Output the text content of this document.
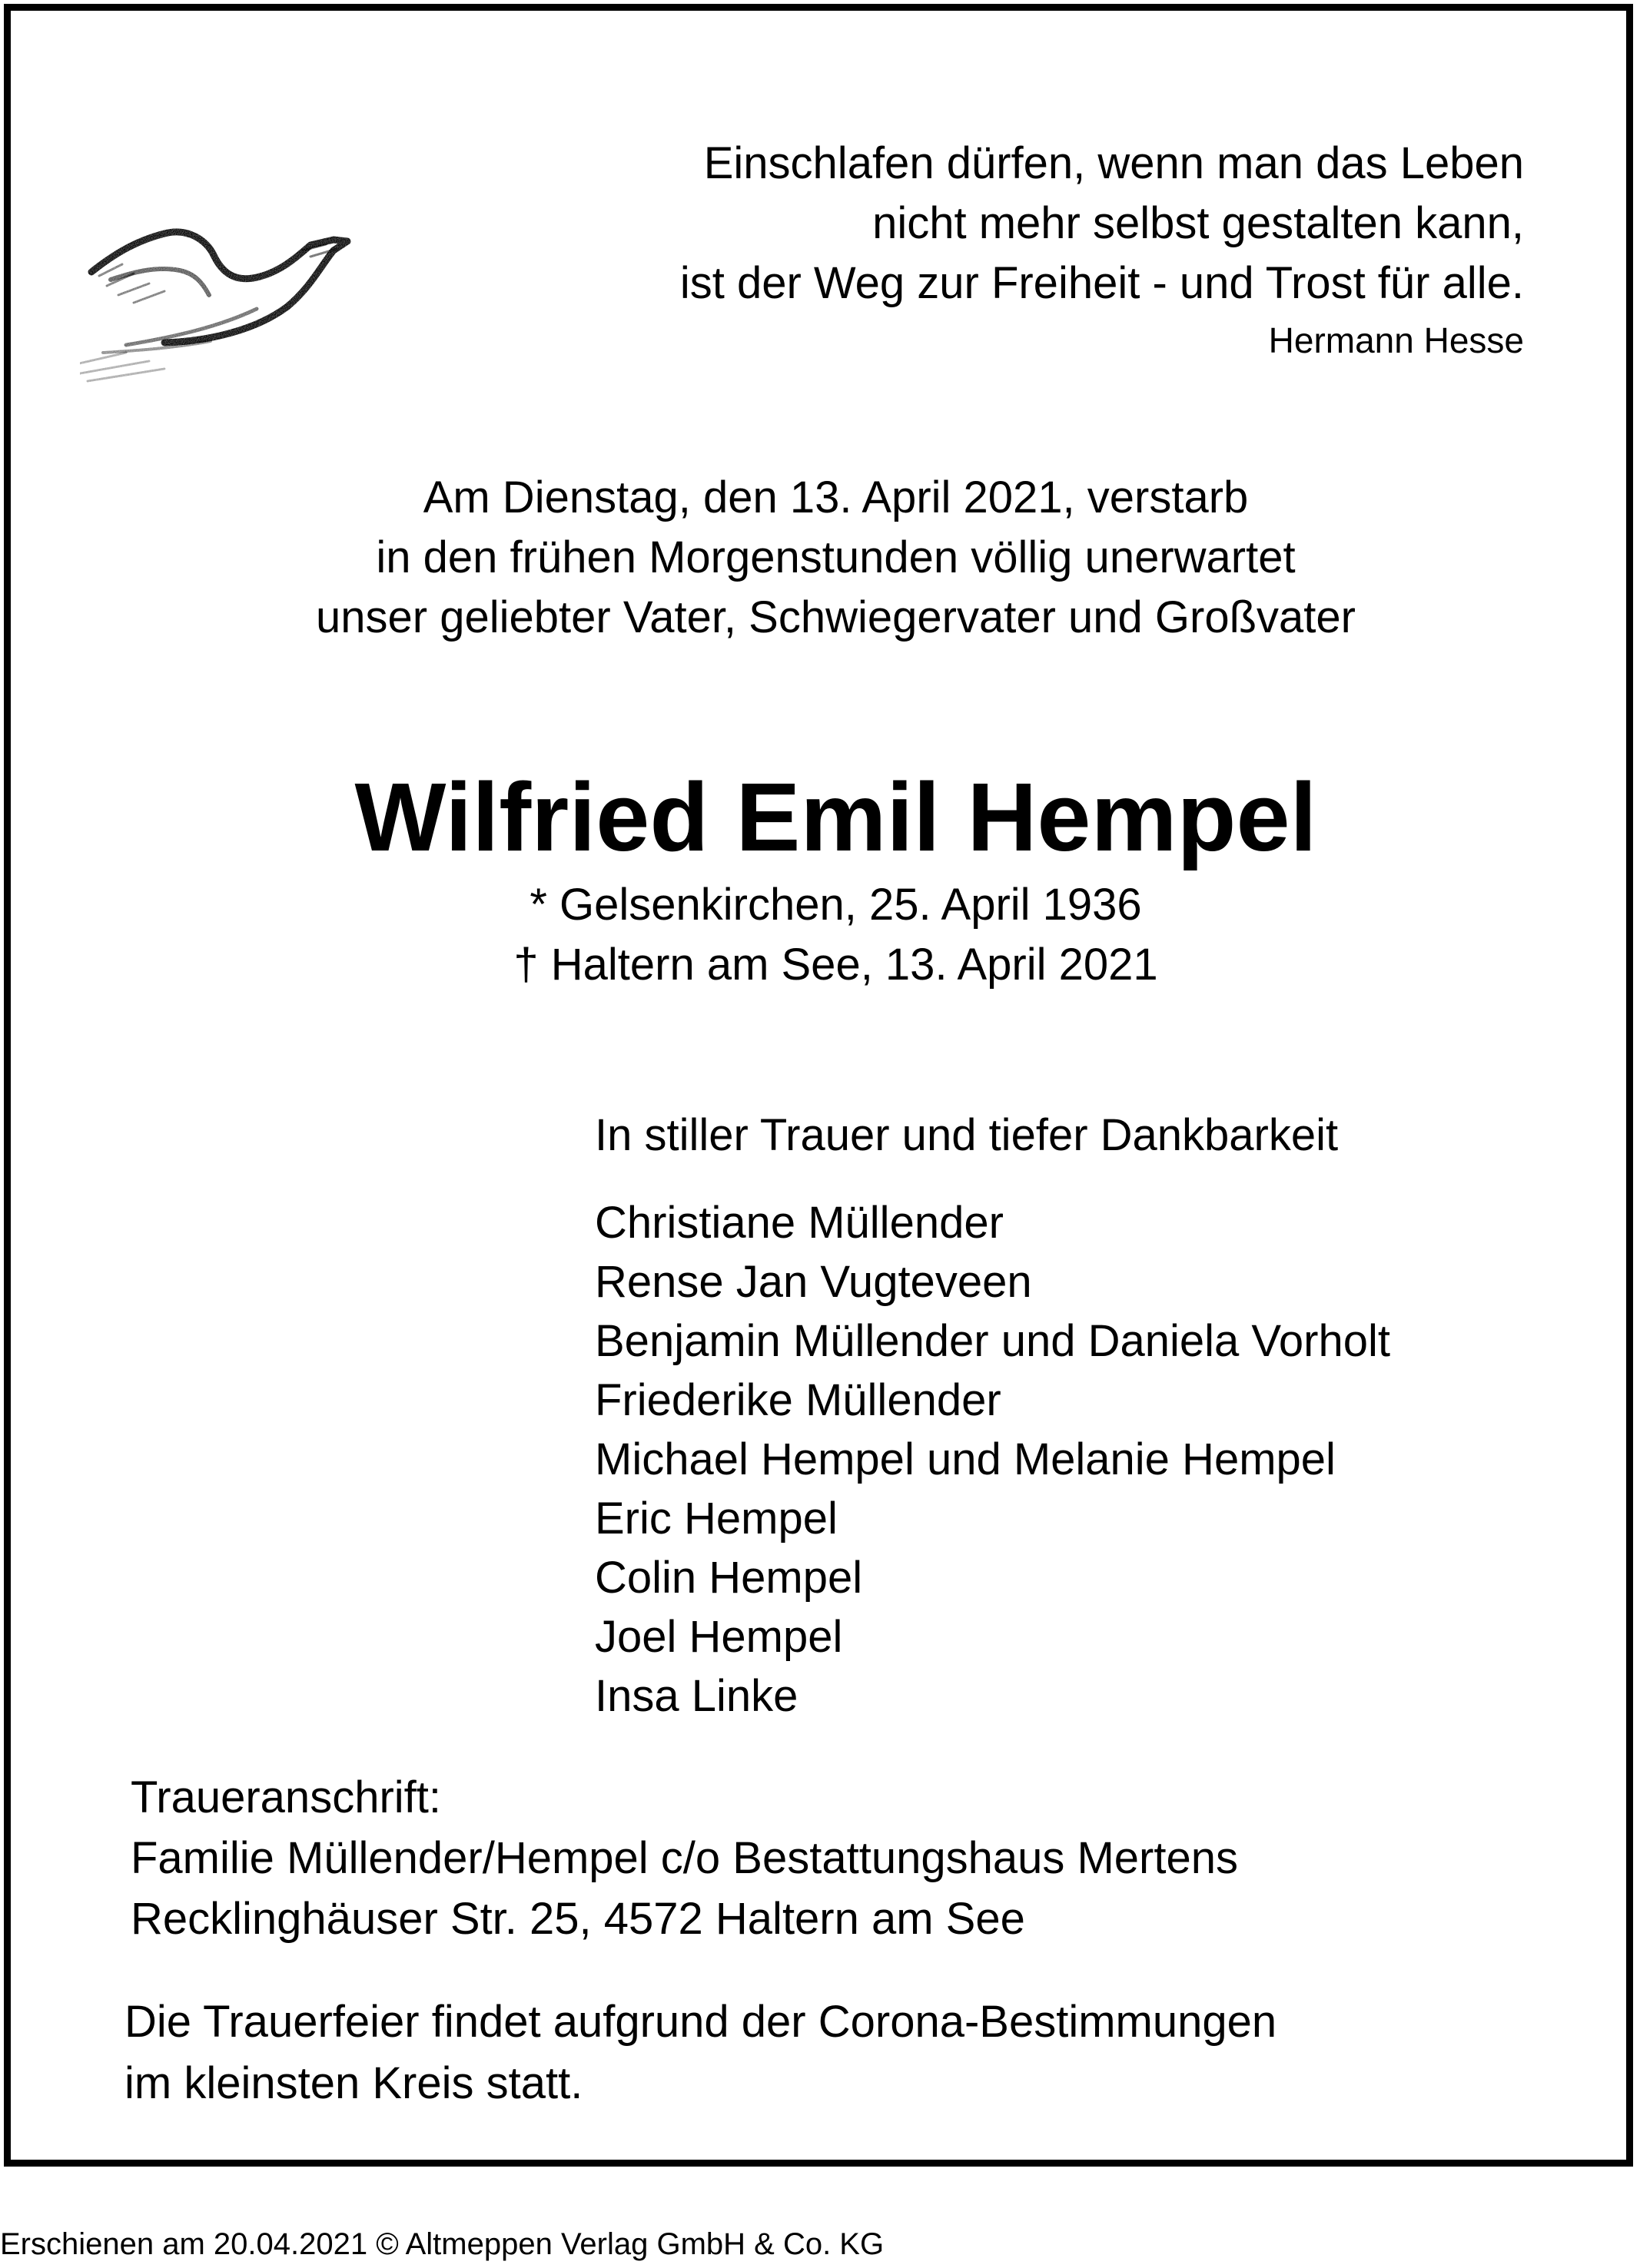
Einschlafen dürfen, wenn man das Leben
nicht mehr selbst gestalten kann,
ist der Weg zur Freiheit - und Trost für alle.
Hermann Hesse
Am Dienstag, den 13. April 2021, verstarb
in den frühen Morgenstunden völlig unerwartet
unser geliebter Vater, Schwiegervater und Großvater
Wilfried Emil Hempel
* Gelsenkirchen, 25. April 1936
† Haltern am See, 13. April 2021
In stiller Trauer und tiefer Dankbarkeit
Christiane Müllender
Rense Jan Vugteveen
Benjamin Müllender und Daniela Vorholt
Friederike Müllender
Michael Hempel und Melanie Hempel
Eric Hempel
Colin Hempel
Joel Hempel
Insa Linke
Traueranschrift:
Familie Müllender/Hempel c/o Bestattungshaus Mertens
Recklinghäuser Str. 25, 4572 Haltern am See
Die Trauerfeier findet aufgrund der Corona-Bestimmungen
im kleinsten Kreis statt.
Erschienen am 20.04.2021 © Altmeppen Verlag GmbH & Co. KG
